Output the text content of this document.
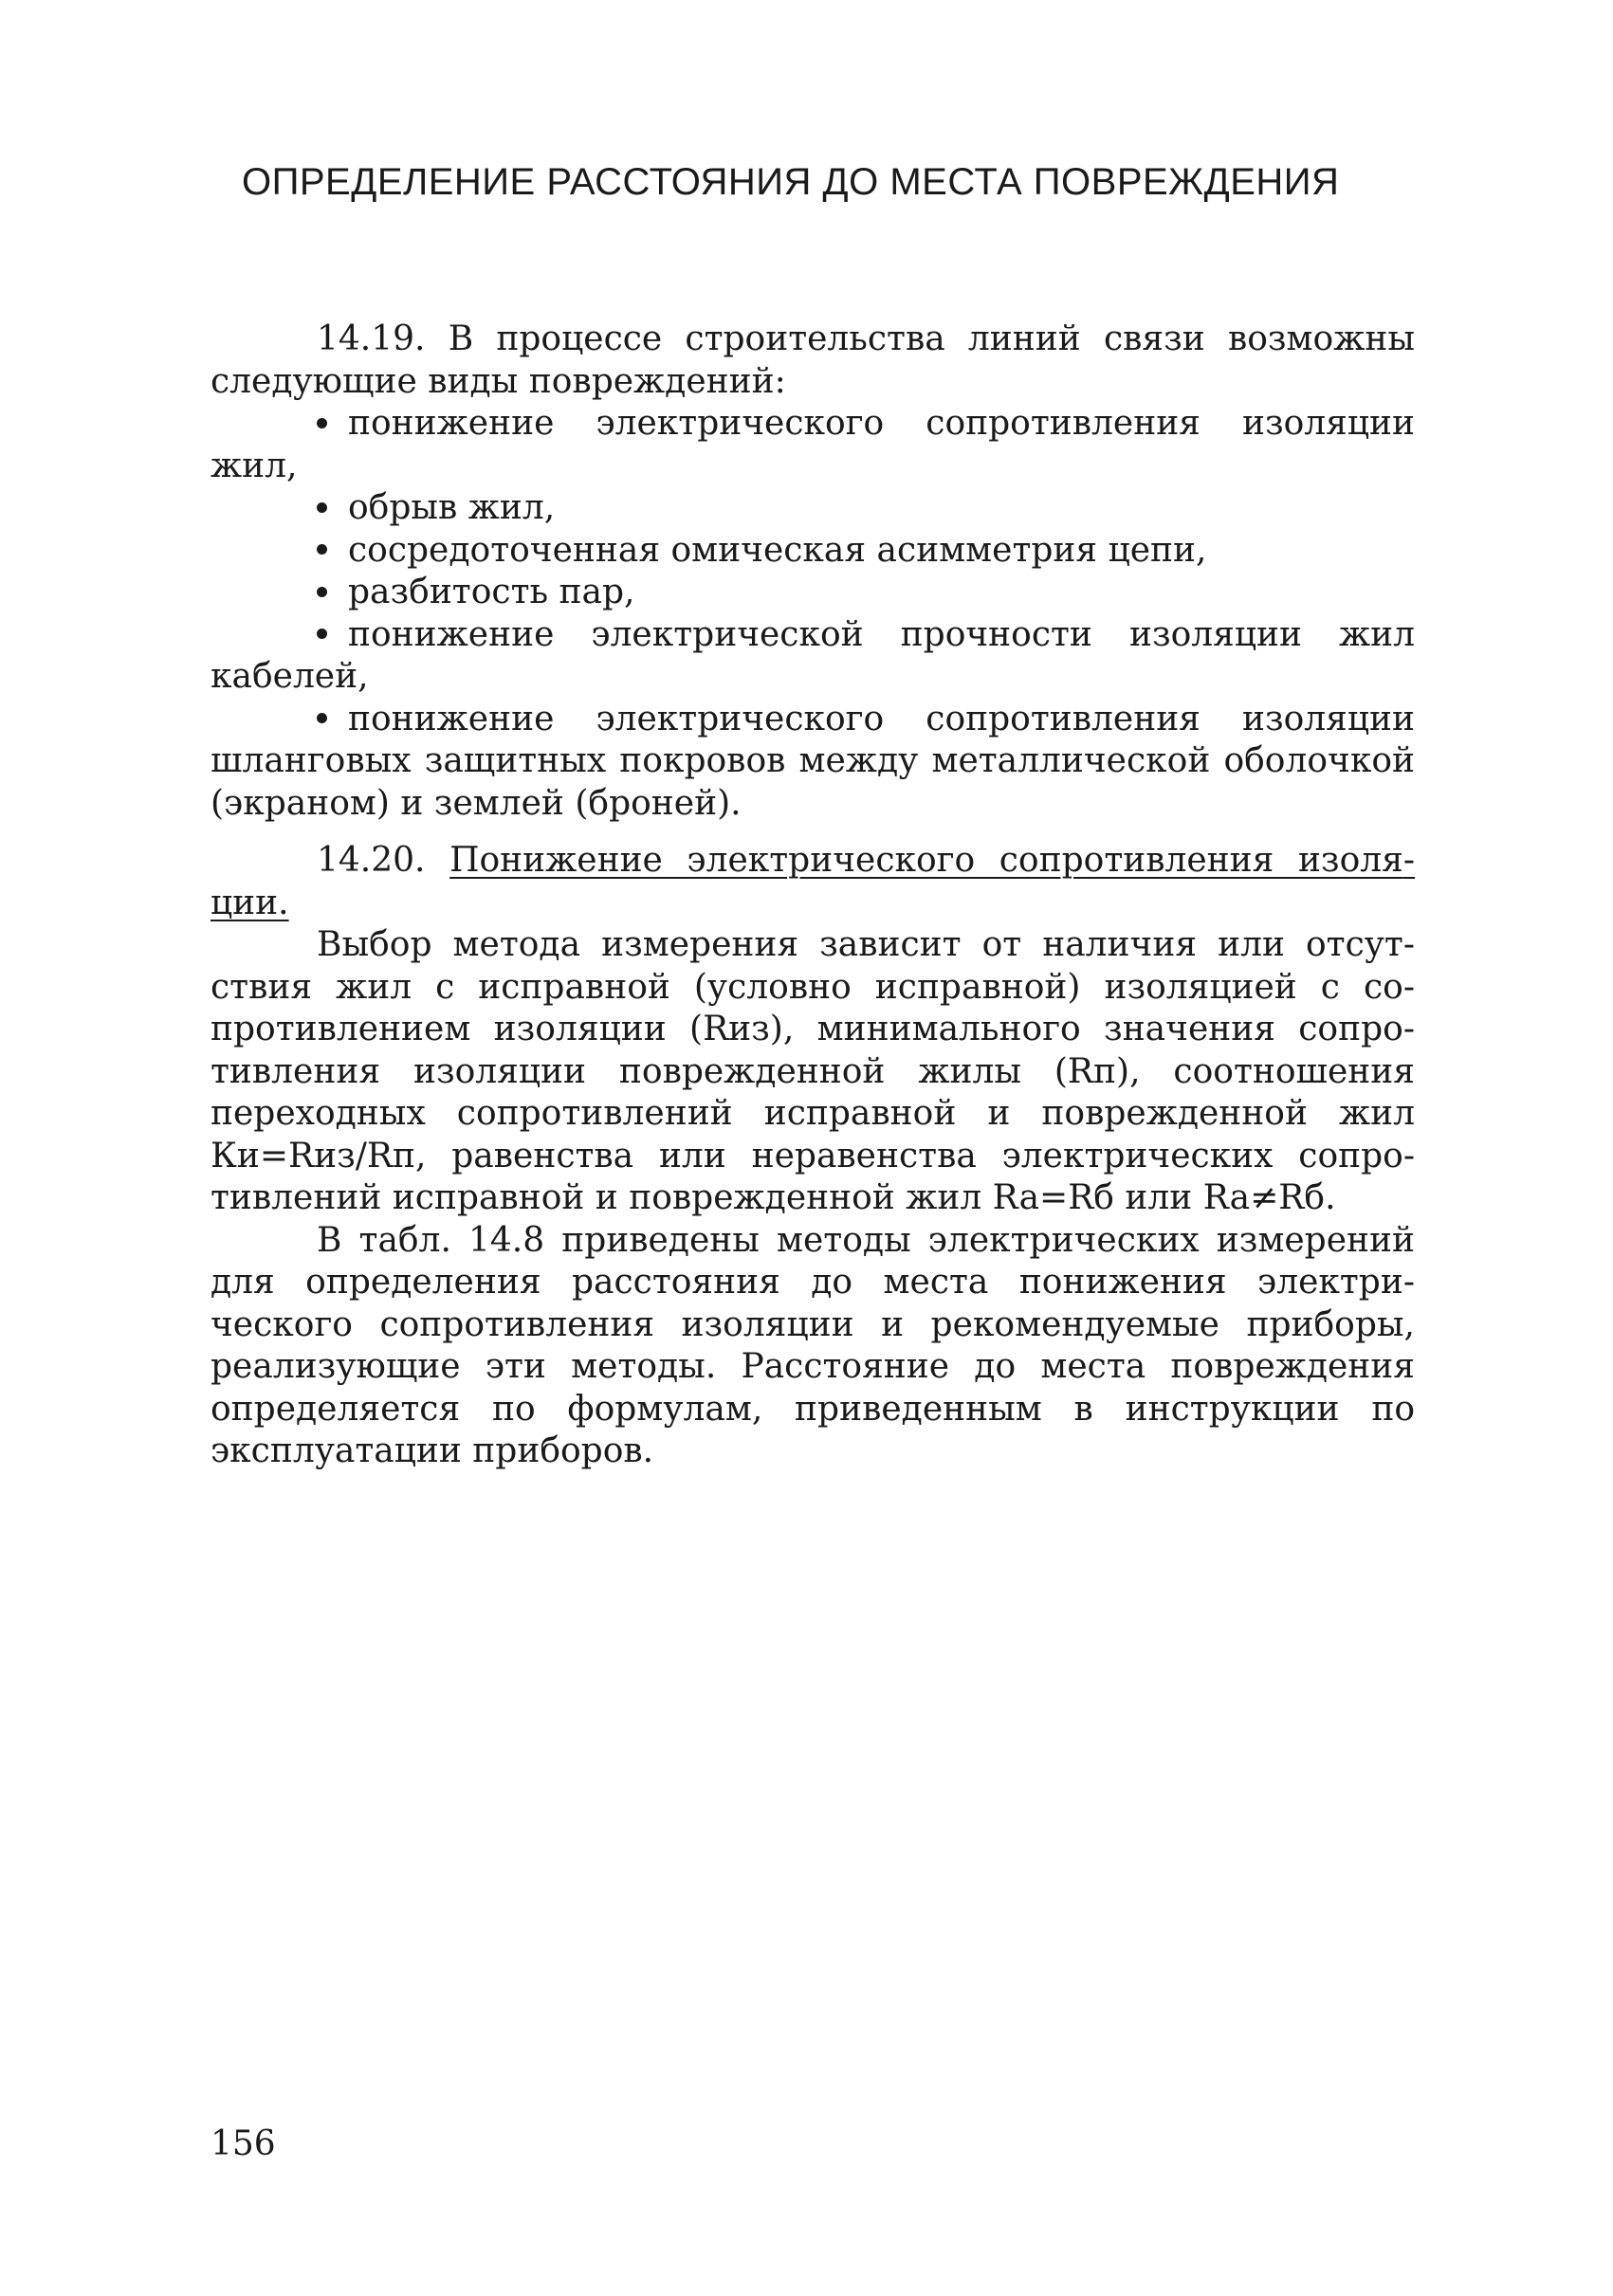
ОПРЕДЕЛЕНИЕ РАССТОЯНИЯ ДО МЕСТА ПОВРЕЖДЕНИЯ

14.19. В процессе строительства линий связи возможны следующие виды повреждений:

понижение электрического сопротивления изоляции жил,

обрыв жил,

сосредоточенная омическая асимметрия цепи,

разбитость пар,

понижение электрической прочности изоляции жил кабелей,

понижение электрического сопротивления изоляции шланговых защитных покровов между металлической оболочкой (экраном) и землей (броней).

14.20. Понижение электрического сопротивления изоляции.

Выбор метода измерения зависит от наличия или отсутствия жил с исправной (условно исправной) изоляцией с сопротивлением изоляции (Rиз), минимального значения сопротивления изоляции поврежденной жилы (Rп), соотношения переходных сопротивлений исправной и поврежденной жил Ки=Rиз/Rп, равенства или неравенства электрических сопротивлений исправной и поврежденной жил Ra=Rб или Ra≠Rб.

В табл. 14.8 приведены методы электрических измерений для определения расстояния до места понижения электрического сопротивления изоляции и рекомендуемые приборы, реализующие эти методы. Расстояние до места повреждения определяется по формулам, приведенным в инструкции по эксплуатации приборов.

156
